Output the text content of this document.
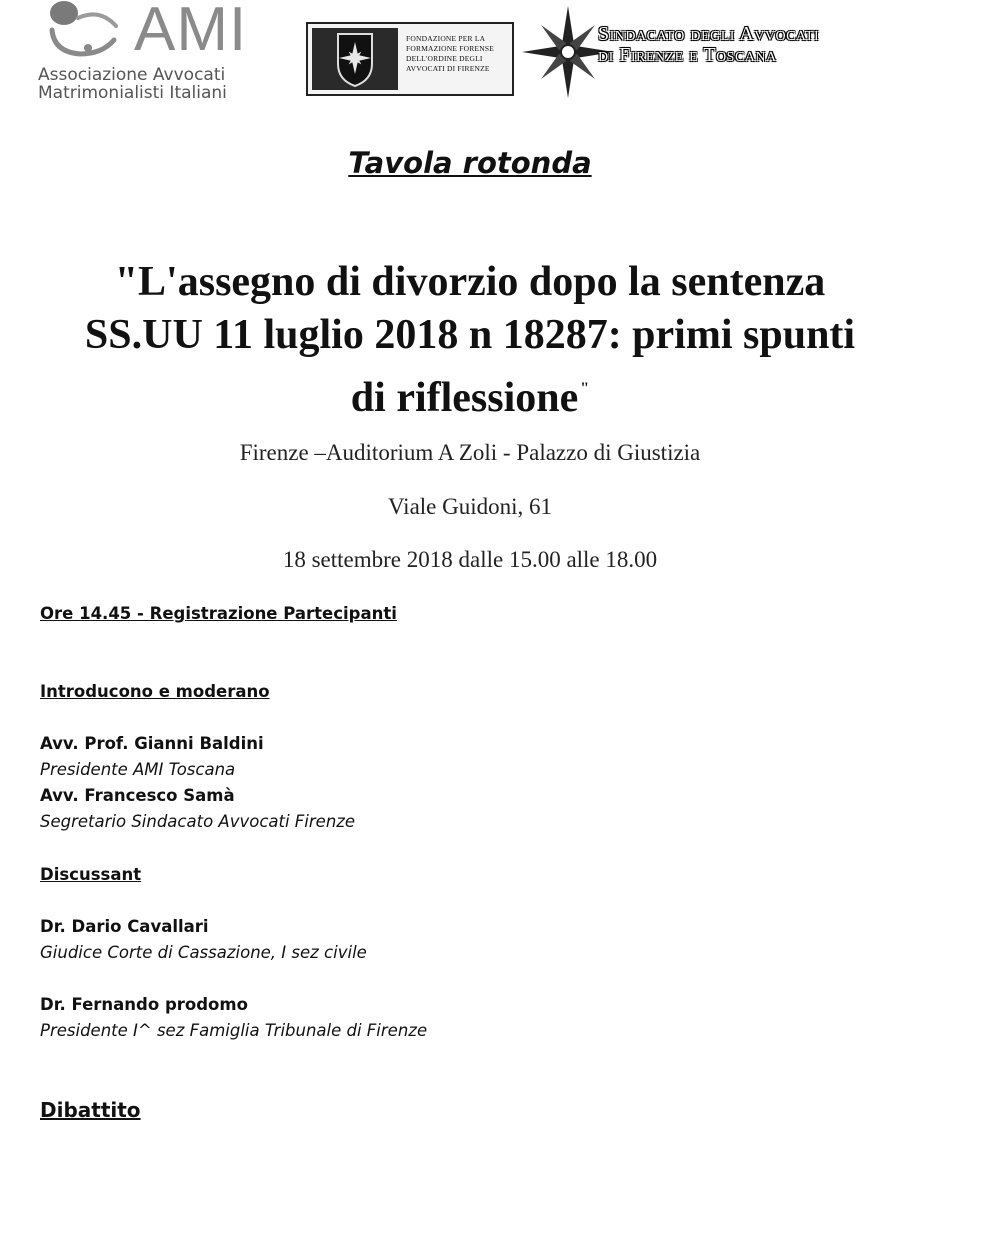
AMI
Associazione Avvocati
Matrimonialisti Italiani
FONDAZIONE PER LA
FORMAZIONE FORENSE
DELL'ORDINE DEGLI
AVVOCATI DI FIRENZE
Sindacato degli Avvocati
di Firenze e Toscana
Tavola rotonda
"L'assegno di divorzio dopo la sentenza
SS.UU 11 luglio 2018 n 18287: primi spunti
di riflessione "
Firenze –Auditorium A Zoli - Palazzo di Giustizia
Viale Guidoni, 61
18 settembre 2018 dalle 15.00 alle 18.00
Ore 14.45 - Registrazione Partecipanti
Introducono e moderano
Avv. Prof. Gianni Baldini
Presidente AMI Toscana
Avv. Francesco Samà
Segretario Sindacato Avvocati Firenze
Discussant
Dr. Dario Cavallari
Giudice Corte di Cassazione, I sez civile
Dr. Fernando prodomo
Presidente I^ sez Famiglia Tribunale di Firenze
Dibattito
